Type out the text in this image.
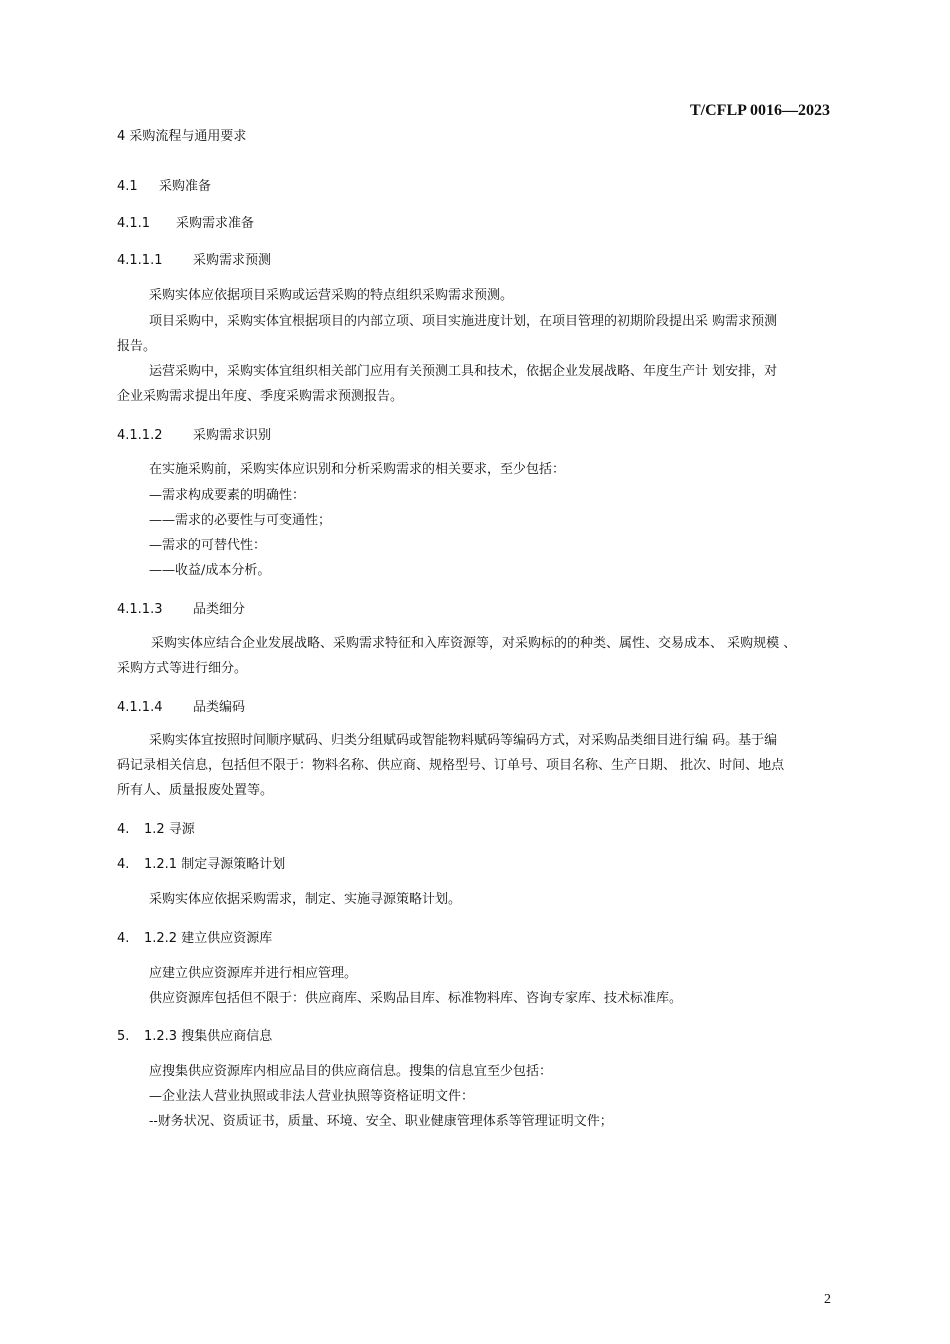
T/CFLP 0016—2023
4 采购流程与通用要求
4.1 采购准备
4.1.1 采购需求准备
4.1.1.1 采购需求预测
采购实体应依据项目采购或运营采购的特点组织采购需求预测。
项目采购中，采购实体宜根据项目的内部立项、项目实施进度计划，在项目管理的初期阶段提出采 购需求预测
报告。
运营采购中，采购实体宜组织相关部门应用有关预测工具和技术，依据企业发展战略、年度生产计 划安排，对
企业采购需求提出年度、季度采购需求预测报告。
4.1.1.2 采购需求识别
在实施采购前，采购实体应识别和分析采购需求的相关要求，至少包括：
—需求构成要素的明确性：
——需求的必要性与可变通性；
—需求的可替代性：
——收益/成本分析。
4.1.1.3 品类细分
采购实体应结合企业发展战略、采购需求特征和入库资源等，对采购标的的种类、属性、交易成本、 采购规模 、
采购方式等进行细分。
4.1.1.4 品类编码
采购实体宜按照时间顺序赋码、归类分组赋码或智能物料赋码等编码方式，对采购品类细目进行编 码。基于编
码记录相关信息，包括但不限于：物料名称、供应商、规格型号、订单号、项目名称、生产日期、 批次、时间、地点
所有人、质量报废处置等。
4. 1.2 寻源
4. 1.2.1 制定寻源策略计划
采购实体应依据采购需求，制定、实施寻源策略计划。
4. 1.2.2 建立供应资源库
应建立供应资源库并进行相应管理。
供应资源库包括但不限于：供应商库、采购品目库、标准物料库、咨询专家库、技术标准库。
5. 1.2.3 搜集供应商信息
应搜集供应资源库内相应品目的供应商信息。搜集的信息宜至少包括：
—企业法人营业执照或非法人营业执照等资格证明文件：
--财务状况、资质证书，质量、环境、安全、职业健康管理体系等管理证明文件；
2
